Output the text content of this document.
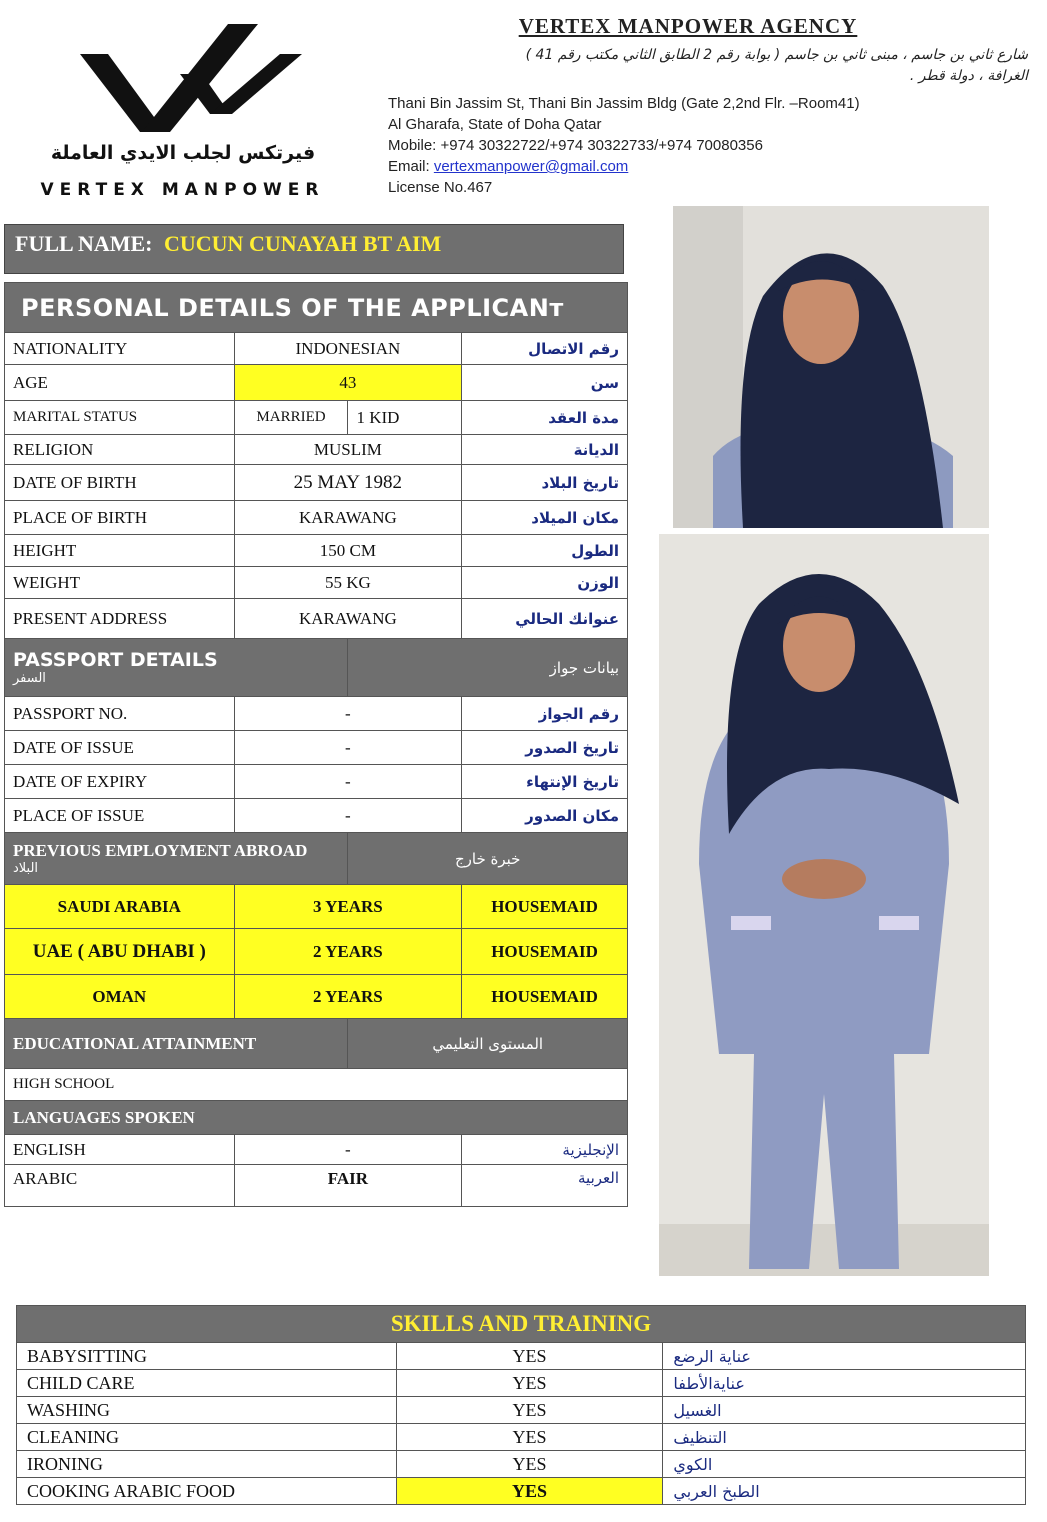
فيرتكس لجلب الايدي العاملة
VERTEX MANPOWER
VERTEX MANPOWER AGENCY
شارع ثاني بن جاسم ، مبنى ثاني بن جاسم ( بوابة رقم 2 الطابق الثاني مكتب رقم 41 )
الغرافة ، دولة قطر .
Thani Bin Jassim St, Thani Bin Jassim Bldg (Gate 2,2nd Flr. –Room41)
Al Gharafa, State of Doha Qatar
Mobile: +974 30322722/+974 30322733/+974 70080356
Email: vertexmanpower@gmail.com
License No.467
FULL NAME: CUCUN CUNAYAH BT AIM
PERSONAL DETAILS OF THE APPLICANт			
NATIONALITY	INDONESIAN		رقم الاتصال
AGE	43		سن
MARITAL STATUS	MARRIED	1 KID	مدة العقد
RELIGION	MUSLIM		الديانة
DATE OF BIRTH	25 MAY 1982		تاريخ البلاد
PLACE OF BIRTH	KARAWANG		مكان الميلاد
HEIGHT	150 CM		الطول
WEIGHT	55 KG		الوزن
PRESENT ADDRESS	KARAWANG		عنوانك الحالي
PASSPORT DETAILS
السفر		بيانات جواز	
PASSPORT NO.	-		رقم الجواز
DATE OF ISSUE	-		تاريخ الصدور
DATE OF EXPIRY	-		تاريخ الإنتهاء
PLACE OF ISSUE	-		مكان الصدور
PREVIOUS EMPLOYMENT ABROAD
البلاد		خبرة خارج	
SAUDI ARABIA	3 YEARS		HOUSEMAID
UAE ( ABU DHABI )	2 YEARS		HOUSEMAID
OMAN	2 YEARS		HOUSEMAID
EDUCATIONAL ATTAINMENT		المستوى التعليمي	
HIGH SCHOOL			
LANGUAGES SPOKEN			
ENGLISH	-		الإنجليزية
ARABIC	FAIR		العربية
SKILLS AND TRAINING		
BABYSITTING	YES	عناية الرضع
CHILD CARE	YES	عنايةالأطفا
WASHING	YES	الغسيل
CLEANING	YES	التنظيف
IRONING	YES	الكوي
COOKING ARABIC FOOD	YES	الطبخ العربي
